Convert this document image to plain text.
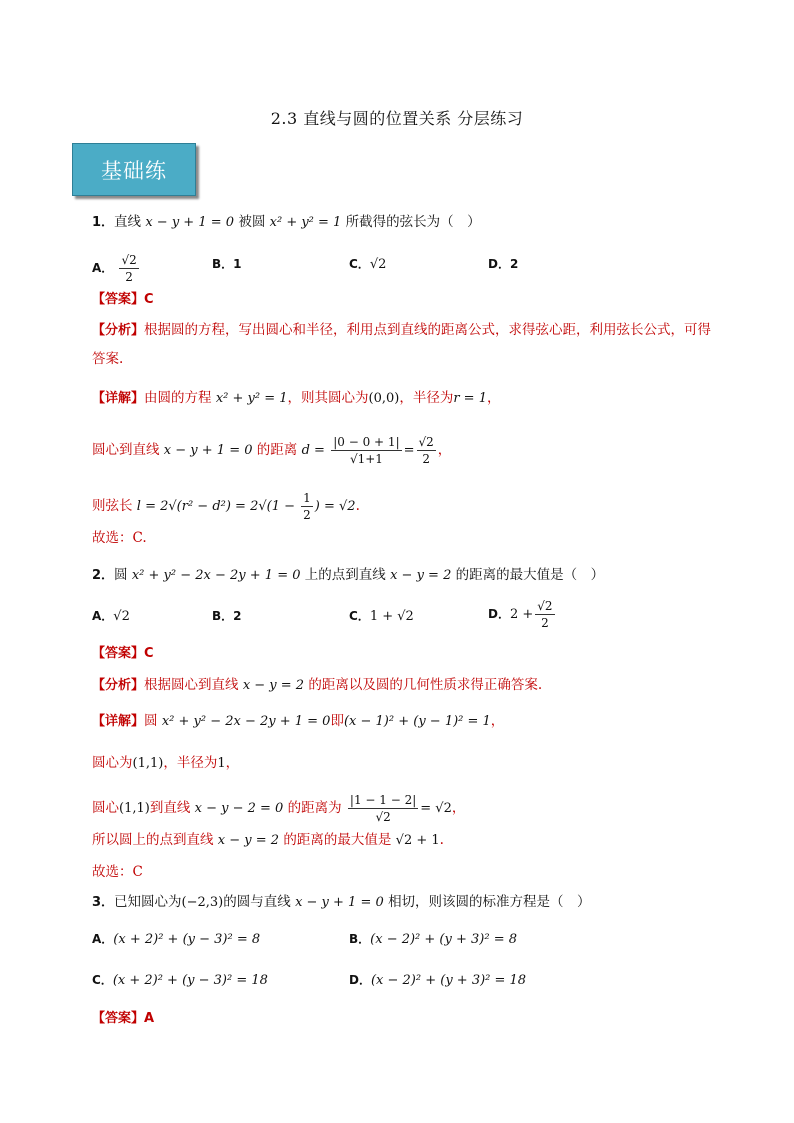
2.3 直线与圆的位置关系 分层练习
基础练
1．直线 x − y + 1 = 0 被圆 x² + y² = 1 所截得的弦长为（　）
A． $\frac{√2}{2}$	B．1	C．√2	D．2
【答案】C
【分析】根据圆的方程，写出圆心和半径，利用点到直线的距离公式，求得弦心距，利用弦长公式，可得
答案.
【详解】由圆的方程 x² + y² = 1，则其圆心为(0,0)，半径为r = 1，
圆心到直线 x − y + 1 = 0 的距离 $d = \frac{|0 - 0 + 1|}{√1+1} = \frac{√2}{2}$ ，
则弦长 $l = 2√(r^2 - d^2) = 2√(1 - \frac{1}{2}$ ) = √2.
故选：C.
2．圆 x² + y² − 2x − 2y + 1 = 0 上的点到直线 x − y = 2 的距离的最大值是（　）
A．√2	B．2	C．1 + √2	D．$2 + \frac{√2}{2}$
【答案】C
【分析】根据圆心到直线 x − y = 2 的距离以及圆的几何性质求得正确答案.
【详解】圆 x² + y² − 2x − 2y + 1 = 0即(x − 1)² + (y − 1)² = 1，
圆心为(1,1)，半径为1，
圆心(1,1)到直线 x − y − 2 = 0 的距离为 $\frac{|1 - 1 - 2|}{√2} = √2$，
所以圆上的点到直线 x − y = 2 的距离的最大值是 √2 + 1.
故选：C
3．已知圆心为(−2,3)的圆与直线 x − y + 1 = 0 相切，则该圆的标准方程是（　）
A．(x + 2)² + (y − 3)² = 8	B．(x − 2)² + (y + 3)² = 8
C．(x + 2)² + (y − 3)² = 18	D．(x − 2)² + (y + 3)² = 18
【答案】A
